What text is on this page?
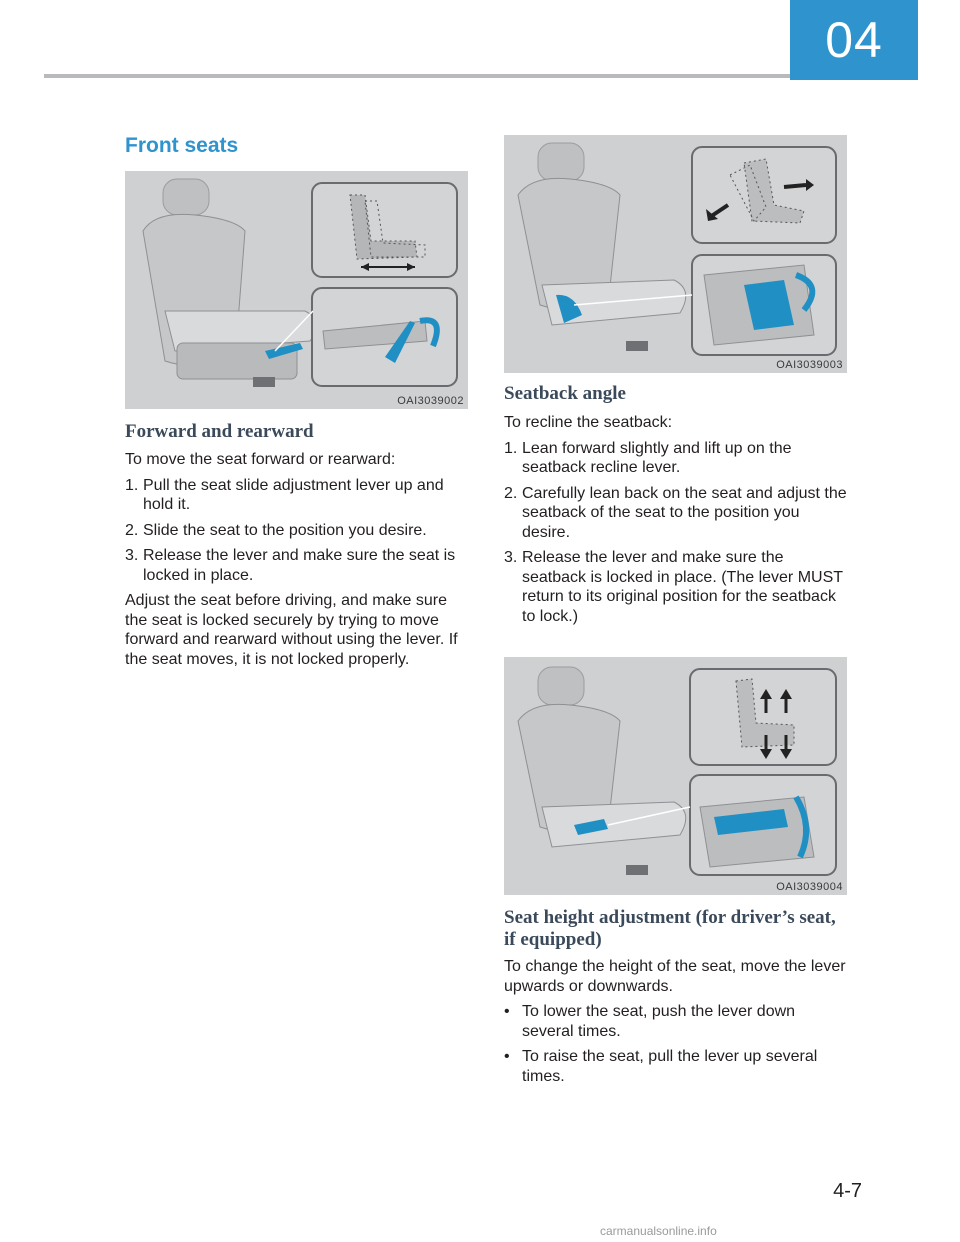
04
Front seats
OAI3039002
Forward and rearward

To move the seat forward or rearward:

1. Pull the seat slide adjustment lever up and hold it.
2. Slide the seat to the position you desire.
3. Release the lever and make sure the seat is locked in place.

Adjust the seat before driving, and make sure the seat is locked securely by trying to move forward and rearward without using the lever. If the seat moves, it is not locked properly.

OAI3039003
Seatback angle

To recline the seatback:

1. Lean forward slightly and lift up on the seatback recline lever.
2. Carefully lean back on the seat and adjust the seatback of the seat to the position you desire.
3. Release the lever and make sure the seatback is locked in place. (The lever MUST return to its original position for the seatback to lock.)
OAI3039004
Seat height adjustment (for driver’s seat, if equipped)

To change the height of the seat, move the lever upwards or downwards.

• To lower the seat, push the lever down several times.
• To raise the seat, pull the lever up several times.
4-7
carmanualsonline.info
